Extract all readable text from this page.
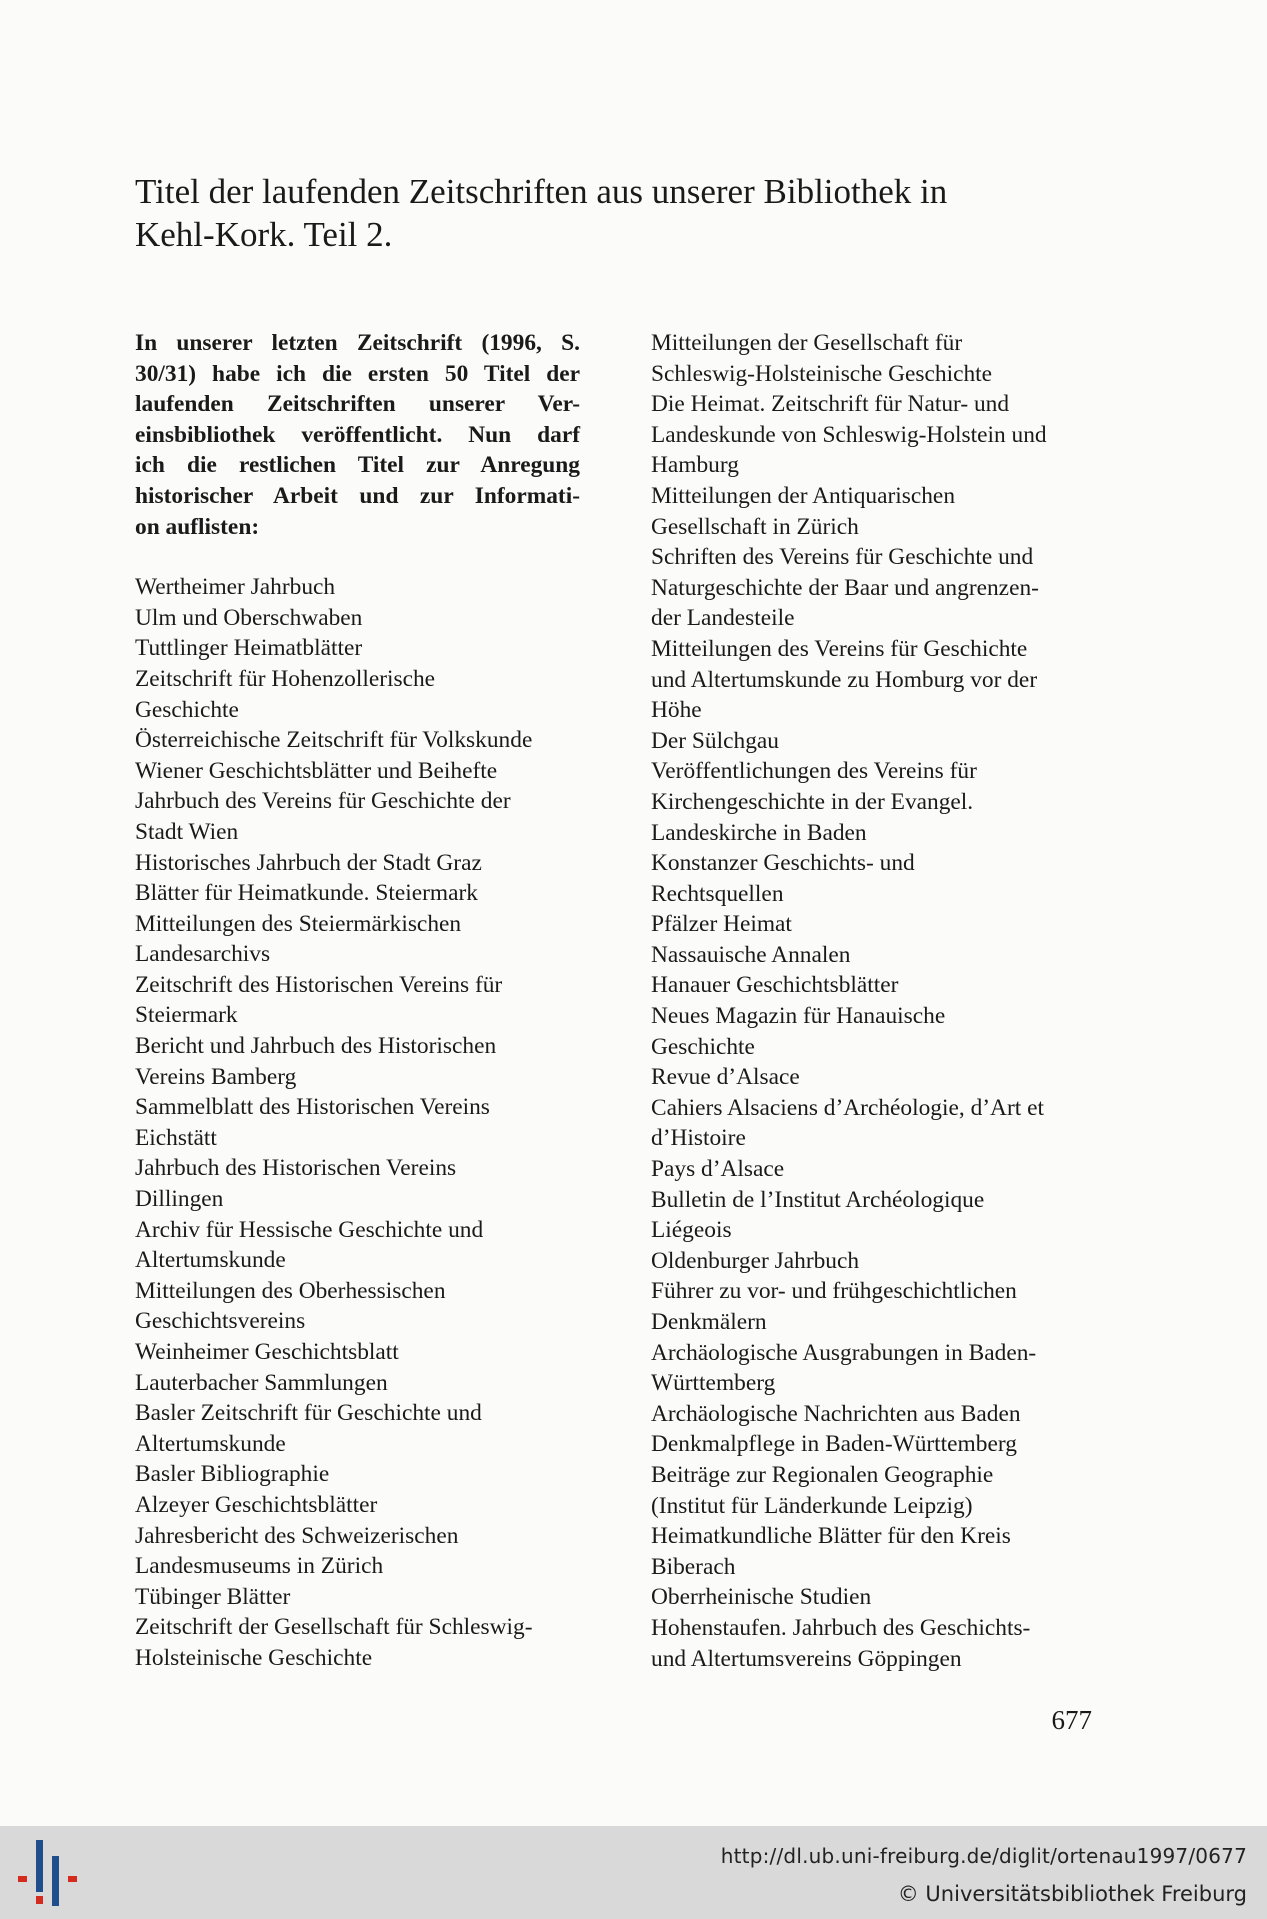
Titel der laufenden Zeitschriften aus unserer Bibliothek in
Kehl-Kork. Teil 2.
In unserer letzten Zeitschrift (1996, S.
30/31) habe ich die ersten 50 Titel der
laufenden Zeitschriften unserer Ver-
einsbibliothek veröffentlicht. Nun darf
ich die restlichen Titel zur Anregung
historischer Arbeit und zur Informati-
on auflisten:

Wertheimer Jahrbuch

Ulm und Oberschwaben

Tuttlinger Heimatblätter

Zeitschrift für Hohenzollerische
Geschichte

Österreichische Zeitschrift für Volkskunde

Wiener Geschichtsblätter und Beihefte

Jahrbuch des Vereins für Geschichte der
Stadt Wien

Historisches Jahrbuch der Stadt Graz

Blätter für Heimatkunde. Steiermark

Mitteilungen des Steiermärkischen
Landesarchivs

Zeitschrift des Historischen Vereins für
Steiermark

Bericht und Jahrbuch des Historischen
Vereins Bamberg

Sammelblatt des Historischen Vereins
Eichstätt

Jahrbuch des Historischen Vereins
Dillingen

Archiv für Hessische Geschichte und
Altertumskunde

Mitteilungen des Oberhessischen
Geschichtsvereins

Weinheimer Geschichtsblatt

Lauterbacher Sammlungen

Basler Zeitschrift für Geschichte und
Altertumskunde

Basler Bibliographie

Alzeyer Geschichtsblätter

Jahresbericht des Schweizerischen
Landesmuseums in Zürich

Tübinger Blätter

Zeitschrift der Gesellschaft für Schleswig-
Holsteinische Geschichte

Mitteilungen der Gesellschaft für
Schleswig-Holsteinische Geschichte

Die Heimat. Zeitschrift für Natur- und
Landeskunde von Schleswig-Holstein und
Hamburg

Mitteilungen der Antiquarischen
Gesellschaft in Zürich

Schriften des Vereins für Geschichte und
Naturgeschichte der Baar und angrenzen-
der Landesteile

Mitteilungen des Vereins für Geschichte
und Altertumskunde zu Homburg vor der
Höhe

Der Sülchgau

Veröffentlichungen des Vereins für
Kirchengeschichte in der Evangel.
Landeskirche in Baden

Konstanzer Geschichts- und
Rechtsquellen

Pfälzer Heimat

Nassauische Annalen

Hanauer Geschichtsblätter

Neues Magazin für Hanauische
Geschichte

Revue d’Alsace

Cahiers Alsaciens d’Archéologie, d’Art et
d’Histoire

Pays d’Alsace

Bulletin de l’Institut Archéologique
Liégeois

Oldenburger Jahrbuch

Führer zu vor- und frühgeschichtlichen
Denkmälern

Archäologische Ausgrabungen in Baden-
Württemberg

Archäologische Nachrichten aus Baden

Denkmalpflege in Baden-Württemberg

Beiträge zur Regionalen Geographie
(Institut für Länderkunde Leipzig)

Heimatkundliche Blätter für den Kreis
Biberach

Oberrheinische Studien

Hohenstaufen. Jahrbuch des Geschichts-
und Altertumsvereins Göppingen

677
http://dl.ub.uni-freiburg.de/diglit/ortenau1997/0677
© Universitätsbibliothek Freiburg
